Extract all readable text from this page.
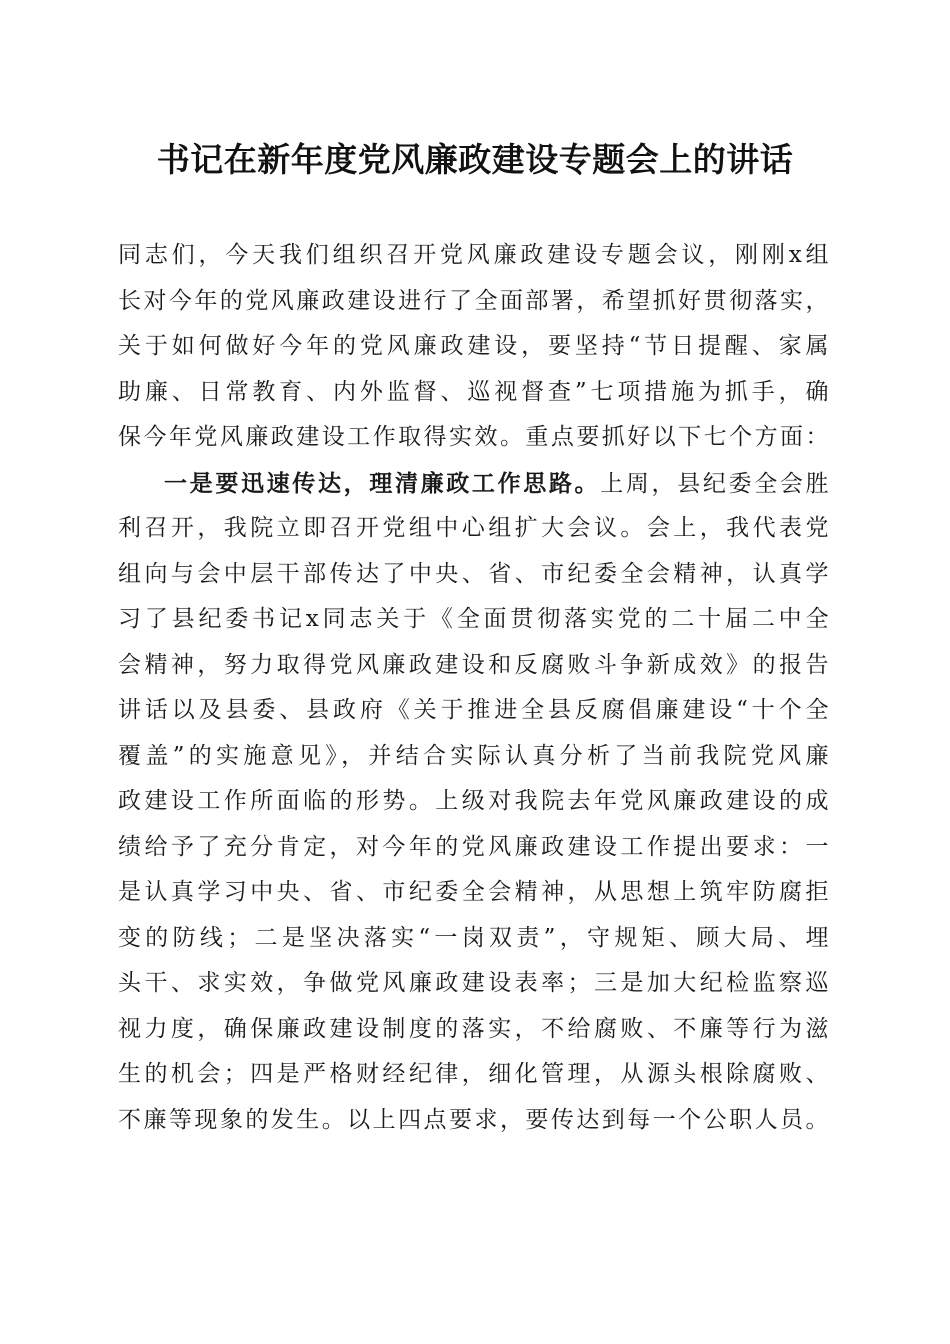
书记在新年度党风廉政建设专题会上的讲话
同志们，今天我们组织召开党风廉政建设专题会议，刚刚x组
长对今年的党风廉政建设进行了全面部署，希望抓好贯彻落实，
关于如何做好今年的党风廉政建设，要坚持“节日提醒、家属
助廉、日常教育、内外监督、巡视督查”七项措施为抓手，确
保今年党风廉政建设工作取得实效。重点要抓好以下七个方面：
一是要迅速传达，理清廉政工作思路。上周，县纪委全会胜
利召开，我院立即召开党组中心组扩大会议。会上，我代表党
组向与会中层干部传达了中央、省、市纪委全会精神，认真学
习了县纪委书记x同志关于《全面贯彻落实党的二十届二中全
会精神，努力取得党风廉政建设和反腐败斗争新成效》的报告
讲话以及县委、县政府《关于推进全县反腐倡廉建设“十个全
覆盖”的实施意见》，并结合实际认真分析了当前我院党风廉
政建设工作所面临的形势。上级对我院去年党风廉政建设的成
绩给予了充分肯定，对今年的党风廉政建设工作提出要求：一
是认真学习中央、省、市纪委全会精神，从思想上筑牢防腐拒
变的防线；二是坚决落实“一岗双责”，守规矩、顾大局、埋
头干、求实效，争做党风廉政建设表率；三是加大纪检监察巡
视力度，确保廉政建设制度的落实，不给腐败、不廉等行为滋
生的机会；四是严格财经纪律，细化管理，从源头根除腐败、
不廉等现象的发生。以上四点要求，要传达到每一个公职人员。
